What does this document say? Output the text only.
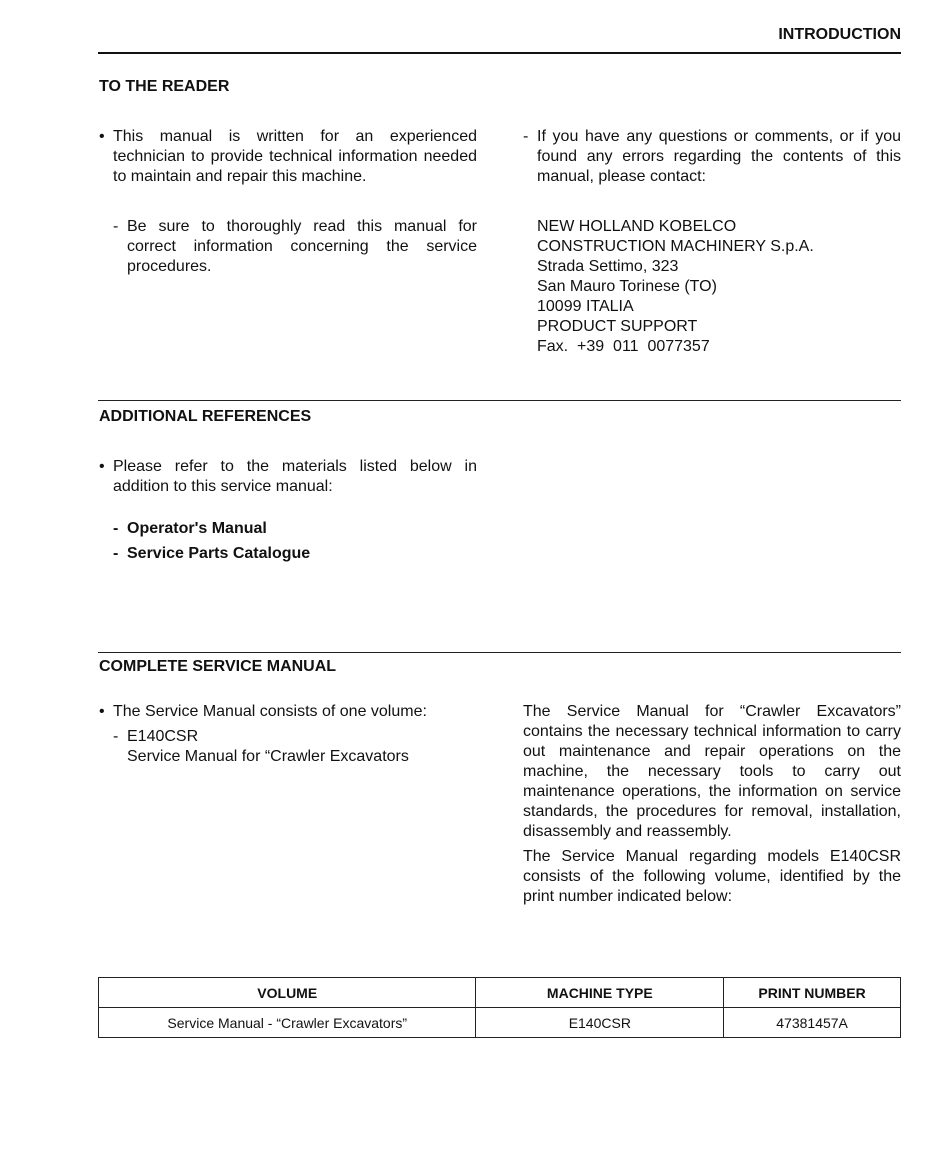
INTRODUCTION
TO THE READER
• This manual is written for an experienced technician to provide technical information needed to maintain and repair this machine.
- Be sure to thoroughly read this manual for correct information concerning the service procedures.
- If you have any questions or comments, or if you found any errors regarding the contents of this manual, please contact:
NEW HOLLAND KOBELCO
CONSTRUCTION MACHINERY S.p.A.
Strada Settimo, 323
San Mauro Torinese (TO)
10099 ITALIA
PRODUCT SUPPORT
Fax.  +39  011  0077357
ADDITIONAL REFERENCES
• Please refer to the materials listed below in addition to this service manual:
- Operator's Manual
- Service Parts Catalogue
COMPLETE SERVICE MANUAL
• The Service Manual consists of one volume:
- E140CSR
Service Manual for “Crawler Excavators
The Service Manual for “Crawler Excavators” contains the necessary technical information to carry out maintenance and repair operations on the machine, the necessary tools to carry out maintenance operations, the information on service standards, the procedures for removal, installation, disassembly and reassembly.
The Service Manual regarding models E140CSR consists of the following volume, identified by the print number indicated below:
VOLUME	MACHINE TYPE	PRINT NUMBER
Service Manual - “Crawler Excavators”	E140CSR	47381457A
